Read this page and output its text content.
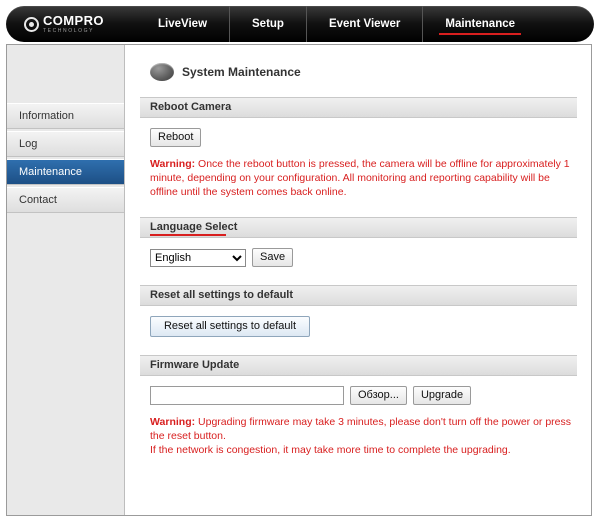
COMPRO
TECHNOLOGY
LiveView	Setup	Event Viewer	Maintenance
Information
Log
Maintenance
Contact
System Maintenance
Reboot Camera
Reboot
Warning: Once the reboot button is pressed, the camera will be offline for approximately 1 minute, depending on your configuration. All monitoring and reporting capability will be offline until the system comes back online.
Language Select
English
Save
Reset all settings to default
Reset all settings to default
Firmware Update
Обзор...	Upgrade
Warning: Upgrading firmware may take 3 minutes, please don't turn off the power or press the reset button.
If the network is congestion, it may take more time to complete the upgrading.
